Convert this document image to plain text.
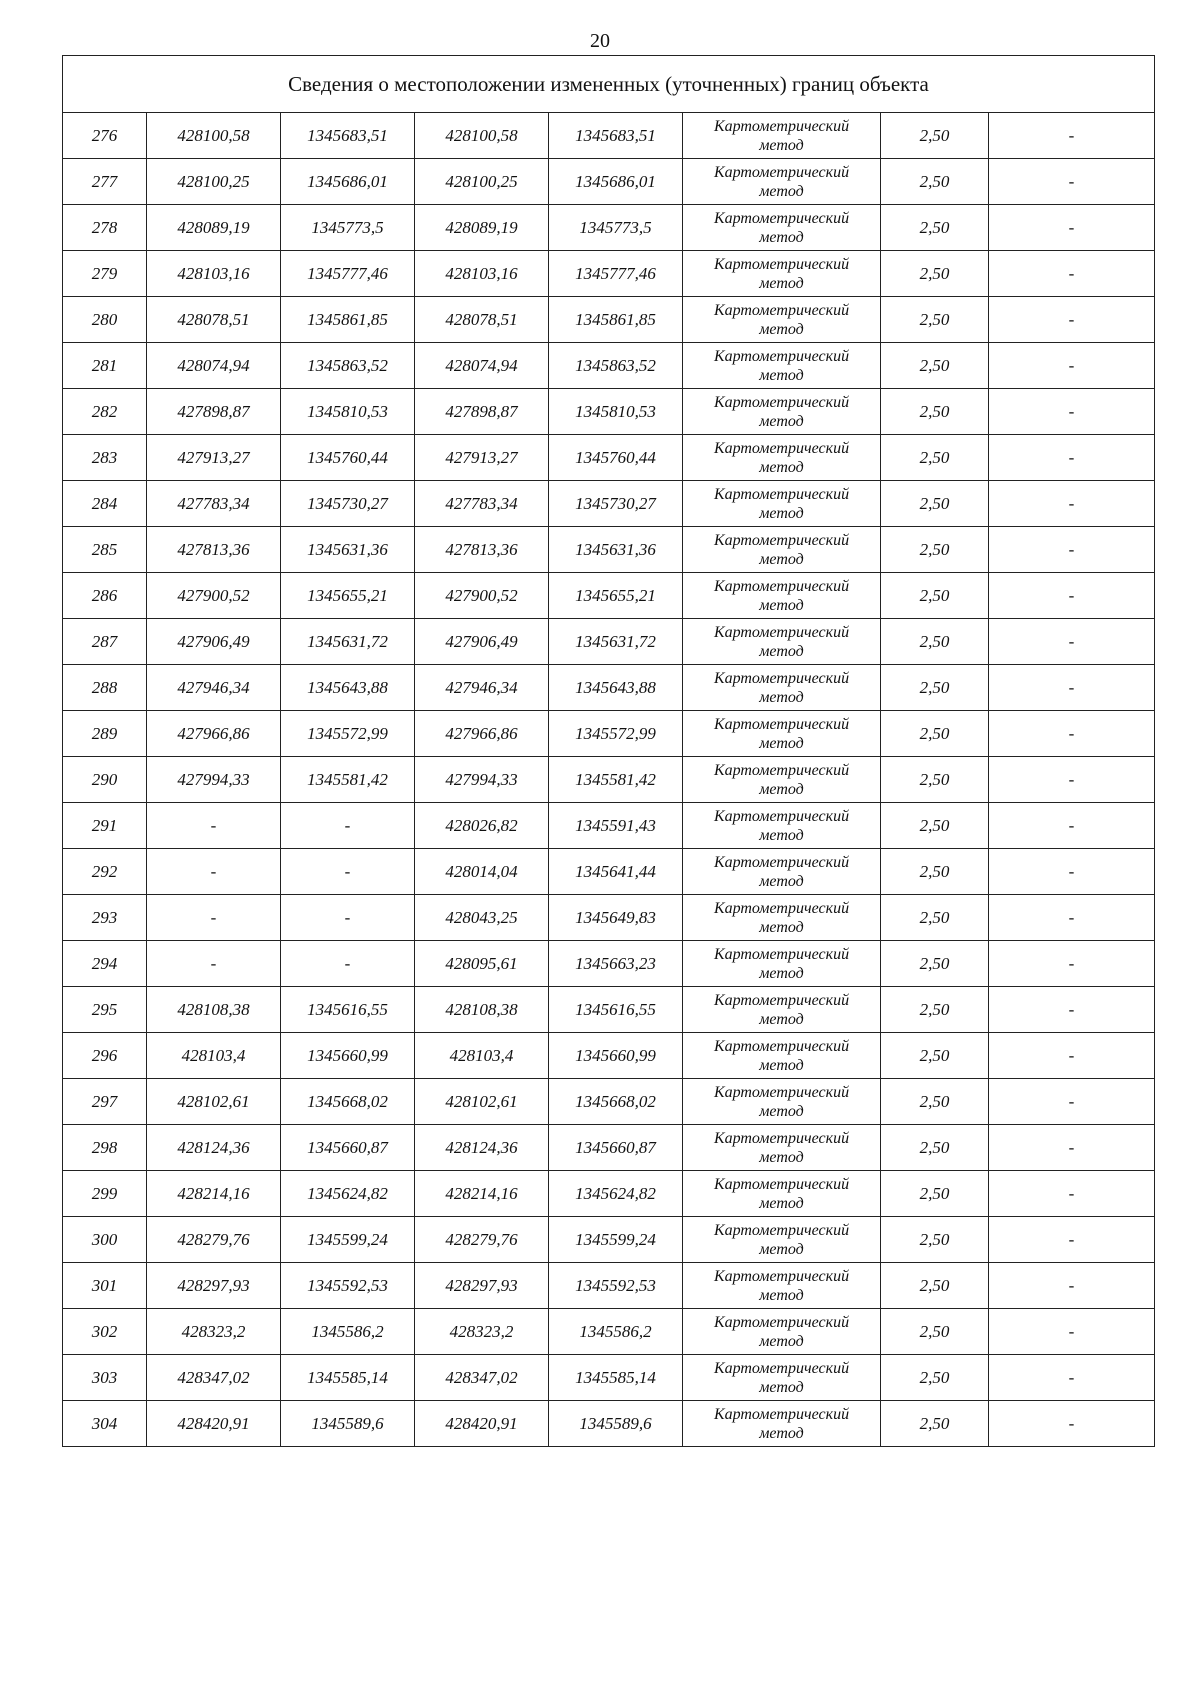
20
Сведения о местоположении измененных (уточненных) границ объекта							
276	428100,58	1345683,51	428100,58	1345683,51	Картометрический
метод	2,50	-
277	428100,25	1345686,01	428100,25	1345686,01	Картометрический
метод	2,50	-
278	428089,19	1345773,5	428089,19	1345773,5	Картометрический
метод	2,50	-
279	428103,16	1345777,46	428103,16	1345777,46	Картометрический
метод	2,50	-
280	428078,51	1345861,85	428078,51	1345861,85	Картометрический
метод	2,50	-
281	428074,94	1345863,52	428074,94	1345863,52	Картометрический
метод	2,50	-
282	427898,87	1345810,53	427898,87	1345810,53	Картометрический
метод	2,50	-
283	427913,27	1345760,44	427913,27	1345760,44	Картометрический
метод	2,50	-
284	427783,34	1345730,27	427783,34	1345730,27	Картометрический
метод	2,50	-
285	427813,36	1345631,36	427813,36	1345631,36	Картометрический
метод	2,50	-
286	427900,52	1345655,21	427900,52	1345655,21	Картометрический
метод	2,50	-
287	427906,49	1345631,72	427906,49	1345631,72	Картометрический
метод	2,50	-
288	427946,34	1345643,88	427946,34	1345643,88	Картометрический
метод	2,50	-
289	427966,86	1345572,99	427966,86	1345572,99	Картометрический
метод	2,50	-
290	427994,33	1345581,42	427994,33	1345581,42	Картометрический
метод	2,50	-
291	-	-	428026,82	1345591,43	Картометрический
метод	2,50	-
292	-	-	428014,04	1345641,44	Картометрический
метод	2,50	-
293	-	-	428043,25	1345649,83	Картометрический
метод	2,50	-
294	-	-	428095,61	1345663,23	Картометрический
метод	2,50	-
295	428108,38	1345616,55	428108,38	1345616,55	Картометрический
метод	2,50	-
296	428103,4	1345660,99	428103,4	1345660,99	Картометрический
метод	2,50	-
297	428102,61	1345668,02	428102,61	1345668,02	Картометрический
метод	2,50	-
298	428124,36	1345660,87	428124,36	1345660,87	Картометрический
метод	2,50	-
299	428214,16	1345624,82	428214,16	1345624,82	Картометрический
метод	2,50	-
300	428279,76	1345599,24	428279,76	1345599,24	Картометрический
метод	2,50	-
301	428297,93	1345592,53	428297,93	1345592,53	Картометрический
метод	2,50	-
302	428323,2	1345586,2	428323,2	1345586,2	Картометрический
метод	2,50	-
303	428347,02	1345585,14	428347,02	1345585,14	Картометрический
метод	2,50	-
304	428420,91	1345589,6	428420,91	1345589,6	Картометрический
метод	2,50	-
